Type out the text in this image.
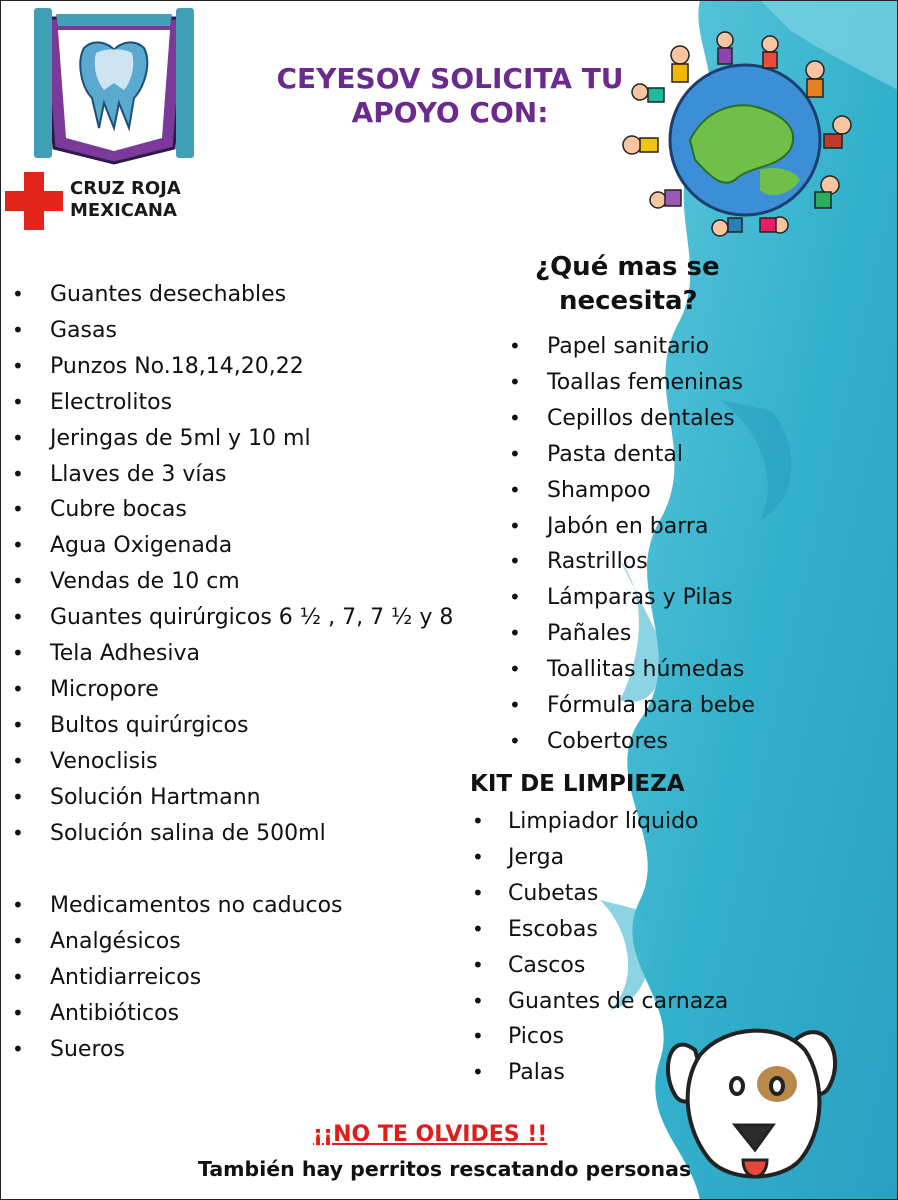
CRUZ ROJA
MEXICANA
CEYESOV SOLICITA TU
APOYO CON:
• Guantes desechables
• Gasas
• Punzos No.18,14,20,22
• Electrolitos
• Jeringas de 5ml y 10 ml
• Llaves de 3 vías
• Cubre bocas
• Agua Oxigenada
• Vendas de 10 cm
• Guantes quirúrgicos 6 ½ , 7, 7 ½ y 8
• Tela Adhesiva
• Micropore
• Bultos quirúrgicos
• Venoclisis
• Solución Hartmann
• Solución salina de 500ml
• Medicamentos no caducos
• Analgésicos
• Antidiarreicos
• Antibióticos
• Sueros
¿Qué mas se
necesita?
• Papel sanitario
• Toallas femeninas
• Cepillos dentales
• Pasta dental
• Shampoo
• Jabón en barra
• Rastrillos
• Lámparas y Pilas
• Pañales
• Toallitas húmedas
• Fórmula para bebe
• Cobertores
KIT DE LIMPIEZA
• Limpiador líquido
• Jerga
• Cubetas
• Escobas
• Cascos
• Guantes de carnaza
• Picos
• Palas
¡¡NO TE OLVIDES !!
También hay perritos rescatando personas
